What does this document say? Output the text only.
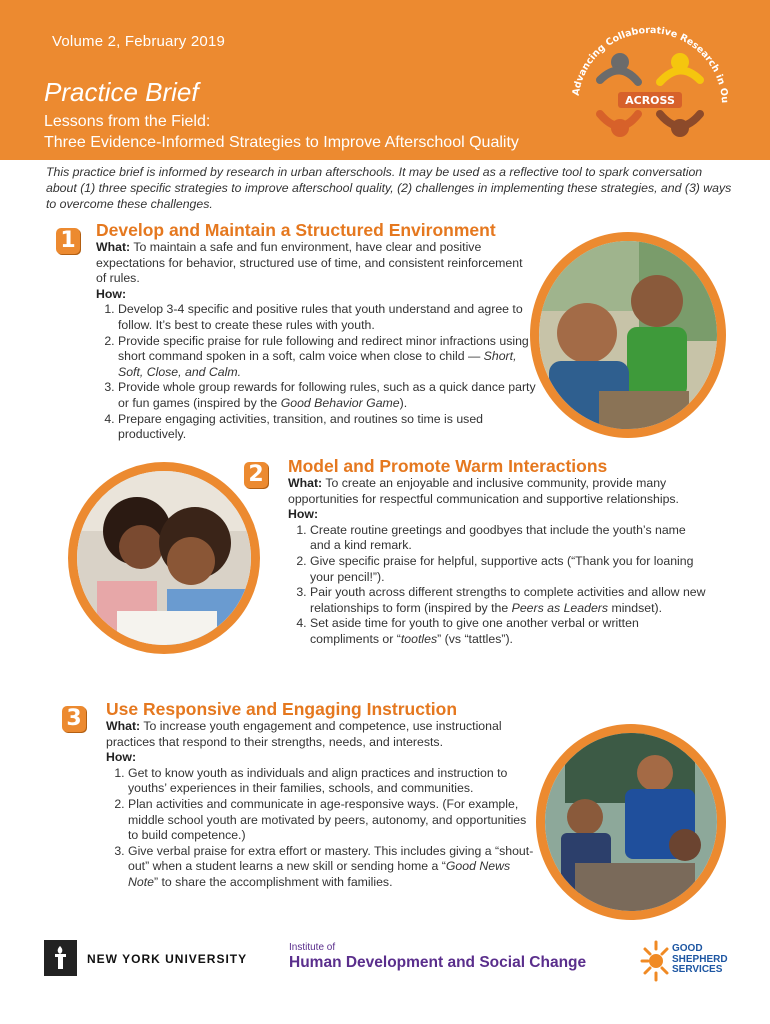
Volume 2, February 2019
Practice Brief
Lessons from the Field:
Three Evidence-Informed Strategies to Improve Afterschool Quality
Advancing Collaborative Research in Ou
ACROSS
This practice brief is informed by research in urban afterschools. It may be used as a reflective tool to spark conversation about (1) three specific strategies to improve afterschool quality, (2) challenges in implementing these strategies, and (3) ways to overcome these challenges.
1 Develop and Maintain a Structured Environment
What: To maintain a safe and fun environment, have clear and positive expectations for behavior, structured use of time, and consistent reinforcement of rules.
How:
1. Develop 3-4 specific and positive rules that youth understand and agree to follow. It’s best to create these rules with youth.
2. Provide specific praise for rule following and redirect minor infractions using short command spoken in a soft, calm voice when close to child — Short, Soft, Close, and Calm.
3. Provide whole group rewards for following rules, such as a quick dance party or fun games (inspired by the Good Behavior Game).
4. Prepare engaging activities, transition, and routines so time is used productively.
2 Model and Promote Warm Interactions
What: To create an enjoyable and inclusive community, provide many opportunities for respectful communication and supportive relationships.
How:
1. Create routine greetings and goodbyes that include the youth’s name and a kind remark.
2. Give specific praise for helpful, supportive acts (“Thank you for loaning your pencil!”).
3. Pair youth across different strengths to complete activities and allow new relationships to form (inspired by the Peers as Leaders mindset).
4. Set aside time for youth to give one another verbal or written compliments or “tootles” (vs “tattles”).
3 Use Responsive and Engaging Instruction
What: To increase youth engagement and competence, use instructional practices that respond to their strengths, needs, and interests.
How:
1. Get to know youth as individuals and align practices and instruction to youths’ experiences in their families, schools, and communities.
2. Plan activities and communicate in age-responsive ways. (For example, middle school youth are motivated by peers, autonomy, and opportunities to build competence.)
3. Give verbal praise for extra effort or mastery. This includes giving a “shout-out” when a student learns a new skill or sending home a “Good News Note” to share the accomplishment with families.
NEW YORK UNIVERSITY
Institute of
Human Development and Social Change
GOOD
SHEPHERD
SERVICES
